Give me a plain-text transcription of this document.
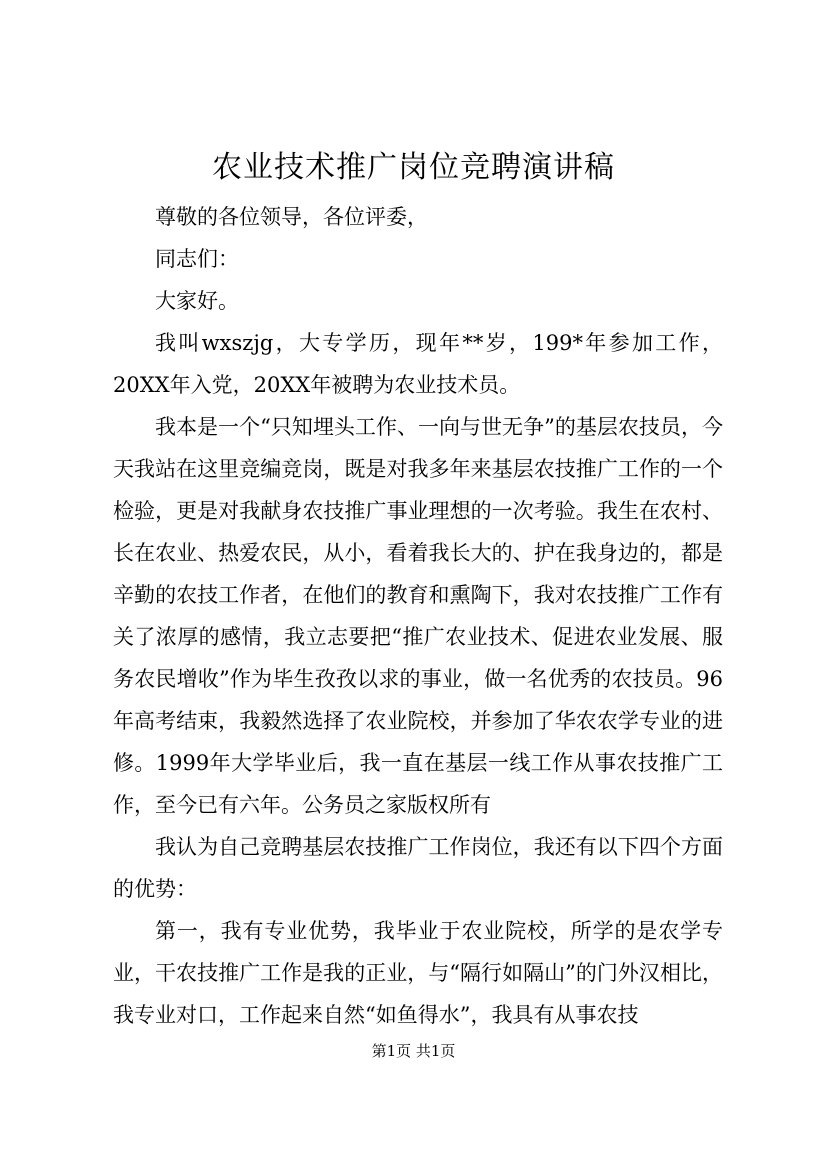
农业技术推广岗位竞聘演讲稿

尊敬的各位领导，各位评委，

同志们：

大家好。

我叫wxszjg，大专学历，现年**岁，199*年参加工作，20XX年入党，20XX年被聘为农业技术员。

我本是一个“只知埋头工作、一向与世无争”的基层农技员，今天我站在这里竞编竞岗，既是对我多年来基层农技推广工作的一个检验，更是对我献身农技推广事业理想的一次考验。我生在农村、长在农业、热爱农民，从小，看着我长大的、护在我身边的，都是辛勤的农技工作者，在他们的教育和熏陶下，我对农技推广工作有关了浓厚的感情，我立志要把“推广农业技术、促进农业发展、服务农民增收”作为毕生孜孜以求的事业，做一名优秀的农技员。96年高考结束，我毅然选择了农业院校，并参加了华农农学专业的进修。1999年大学毕业后，我一直在基层一线工作从事农技推广工作，至今已有六年。公务员之家版权所有

我认为自己竞聘基层农技推广工作岗位，我还有以下四个方面的优势：

第一，我有专业优势，我毕业于农业院校，所学的是农学专业，干农技推广工作是我的正业，与“隔行如隔山”的门外汉相比，我专业对口，工作起来自然“如鱼得水”，我具有从事农技

第1页 共1页
